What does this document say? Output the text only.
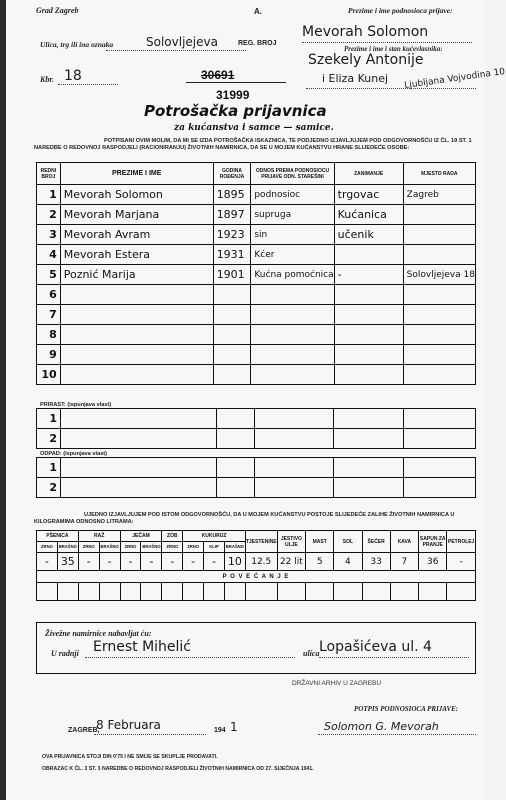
Grad Zagreb	A.	Prezime i ime podnosioca prijave:
Ulica, trg ili ina oznaka	Solovljejeva	REG. BROJ
Mevorah Solomon
Prezime i ime i stan kućevlasnika:
Szekely Antonije
Kbr. 18	30691
31999
i Eliza Kunej Ljubljana Vojvodina 10
Potrošačka prijavnica
za kućanstva i samce — samice.
POTPISANI OVIM MOLIM, DA MI SE IZDA POTROŠAČKA ISKAZNICA, TE PODJEDNO IZJAVLJUJEM POD ODGOVORNOŠĆU IZ ČL. 19 ST. 1 NAREDBE O REDOVNOJ RASPODJELI (RACIONIRANJU) ŽIVOTNIH NAMIRNICA, DA SE U MOJEM KUĆANSTVU HRANE SLIJEDEĆE OSOBE:
REDNI BROJ	PREZIME I IME	GODINA ROĐENJA	ODNOS PREMA PODNOSIOCU PRIJAVE ODN. STAREŠINI	ZANIMANJE	MJESTO RADA
1	Mevorah Solomon	1895	podnosioc	trgovac	Zagreb
2	Mevorah Marjana	1897	supruga	Kućanica	
3	Mevorah Avram	1923	sin	učenik	
4	Mevorah Estera	1931	Kćer		
5	Poznić Marija	1901	Kućna pomoćnica	-	Solovljejeva 18
6					
7					
8					
9					
10					
PRIRAST: (ispunjava vlast)
1					
2					
ODPAD: (ispunjava vlast)
1					
2					
UJEDNO IZJAVLJUJEM POD ISTOM ODGOVORNOŠĆU, DA U MOJEM KUĆANSTVU POSTOJE SLIJEDEĆE ZALIHE ŽIVOTNIH NAMIRNICA U KILOGRAMIMA ODNOSNO LITRAMA:
PŠENICA		RAŽ		JEČAM		ZOB	KUKURUZ			TJESTENINE	JESTIVO ULJE	MAST	SOL	ŠEĆER	KAVA	SAPUN ZA PRANJE	PETROLEJ
ZRNO	BRAŠNO	ZRNO	BRAŠNO	ZRNO	BRAŠNO	ZRNO	ZRNO	KLIP	BRAŠNO								
-	35	-	-	-	-	-	-	-	10	12.5	22 lit	5	4	33	7	36	-
P O V E Ć A N J E																	

Živežne namirnice nabavljat ću:
U radnji Ernest Mihelić	ulica Lopašićeva ul. 4
DRŽAVNI ARHIV U ZAGREBU
ZAGREB,
8 Februara	194 1
POTPIS PODNOSIOCA PRIJAVE:
Solomon G. Mevorah
OVA PRIJAVNICA STOJI DIN 0'75 I NE SMIJE SE SKUPLJE PRODAVATI.
OBRAZAC K ČL. 3 ST. 3 NAREDBE O REDOVNOJ RASPODJELI ŽIVOTNIH NAMIRNICA OD 27. SIJEČNJA 1941.
